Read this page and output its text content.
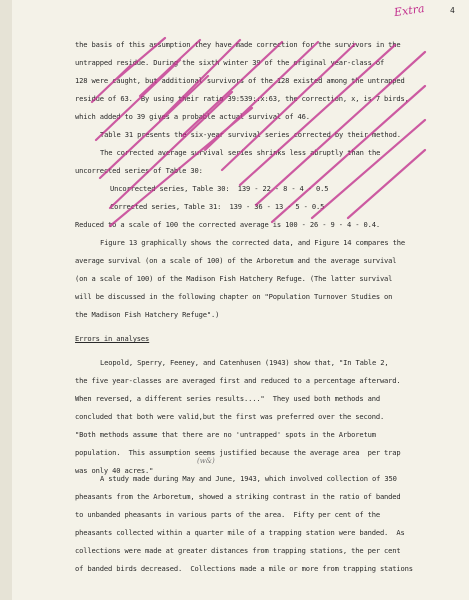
Extra	4
the basis of this assumption they have made correction for the survivors in the
untrapped residue. During the sixth winter 39 of the original year-class of
128 were caught, but additional survivors of the 128 existed among the untrapped
residue of 63.  By using their ratio 39:539::x:63, the correction, x, is 7 birds,
which added to 39 gives a probable actual survival of 46.
Table 31 presents the six-year survival series corrected by their method.
The corrected average survival series shrinks less abruptly than the
uncorrected series of Table 30:
Uncorrected series, Table 30:  139 - 22 - 8 - 4 - 0.5
Corrected series, Table 31:  139 - 36 - 13 - 5 - 0.5
Reduced to a scale of 100 the corrected average is 100 - 26 - 9 - 4 - 0.4.
Figure 13 graphically shows the corrected data, and Figure 14 compares the
average survival (on a scale of 100) of the Arboretum and the average survival
(on a scale of 100) of the Madison Fish Hatchery Refuge. (The latter survival
will be discussed in the following chapter on "Population Turnover Studies on
the Madison Fish Hatchery Refuge".)
Errors in analyses
Leopold, Sperry, Feeney, and Catenhusen (1943) show that, "In Table 2,
the five year-classes are averaged first and reduced to a percentage afterward.
When reversed, a different series results...."  They used both methods and
concluded that both were valid,but the first was preferred over the second.
"Both methods assume that there are no 'untrapped' spots in the Arboretum
population.  This assumption seems justified because the average area  per trap
was only 40 acres."
(w&)
A study made during May and June, 1943, which involved collection of 350
pheasants from the Arboretum, showed a striking contrast in the ratio of banded
to unbanded pheasants in various parts of the area.  Fifty per cent of the
pheasants collected within a quarter mile of a trapping station were banded.  As
collections were made at greater distances from trapping stations, the per cent
of banded birds decreased.  Collections made a mile or more from trapping stations
